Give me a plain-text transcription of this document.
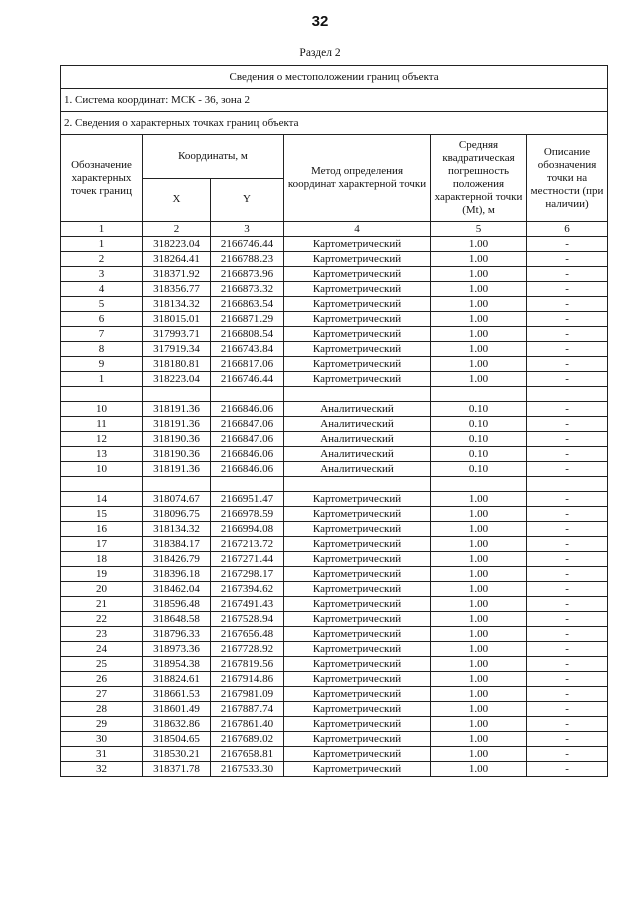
32
Раздел 2
Сведения о местоположении границ объекта					
1. Система координат: МСК - 36, зона 2					
2. Сведения о характерных точках границ объекта					
Обозначение характерных точек границ	Координаты, м		Метод определения координат характерной точки	Средняя квадратическая погрешность положения характерной точки (Mt), м	Описание обозначения точки на местности (при наличии)
	X	Y			
1	2	3	4	5	6
1	318223.04	2166746.44	Картометрический	1.00	-
2	318264.41	2166788.23	Картометрический	1.00	-
3	318371.92	2166873.96	Картометрический	1.00	-
4	318356.77	2166873.32	Картометрический	1.00	-
5	318134.32	2166863.54	Картометрический	1.00	-
6	318015.01	2166871.29	Картометрический	1.00	-
7	317993.71	2166808.54	Картометрический	1.00	-
8	317919.34	2166743.84	Картометрический	1.00	-
9	318180.81	2166817.06	Картометрический	1.00	-
1	318223.04	2166746.44	Картометрический	1.00	-

10	318191.36	2166846.06	Аналитический	0.10	-
11	318191.36	2166847.06	Аналитический	0.10	-
12	318190.36	2166847.06	Аналитический	0.10	-
13	318190.36	2166846.06	Аналитический	0.10	-
10	318191.36	2166846.06	Аналитический	0.10	-

14	318074.67	2166951.47	Картометрический	1.00	-
15	318096.75	2166978.59	Картометрический	1.00	-
16	318134.32	2166994.08	Картометрический	1.00	-
17	318384.17	2167213.72	Картометрический	1.00	-
18	318426.79	2167271.44	Картометрический	1.00	-
19	318396.18	2167298.17	Картометрический	1.00	-
20	318462.04	2167394.62	Картометрический	1.00	-
21	318596.48	2167491.43	Картометрический	1.00	-
22	318648.58	2167528.94	Картометрический	1.00	-
23	318796.33	2167656.48	Картометрический	1.00	-
24	318973.36	2167728.92	Картометрический	1.00	-
25	318954.38	2167819.56	Картометрический	1.00	-
26	318824.61	2167914.86	Картометрический	1.00	-
27	318661.53	2167981.09	Картометрический	1.00	-
28	318601.49	2167887.74	Картометрический	1.00	-
29	318632.86	2167861.40	Картометрический	1.00	-
30	318504.65	2167689.02	Картометрический	1.00	-
31	318530.21	2167658.81	Картометрический	1.00	-
32	318371.78	2167533.30	Картометрический	1.00	-
